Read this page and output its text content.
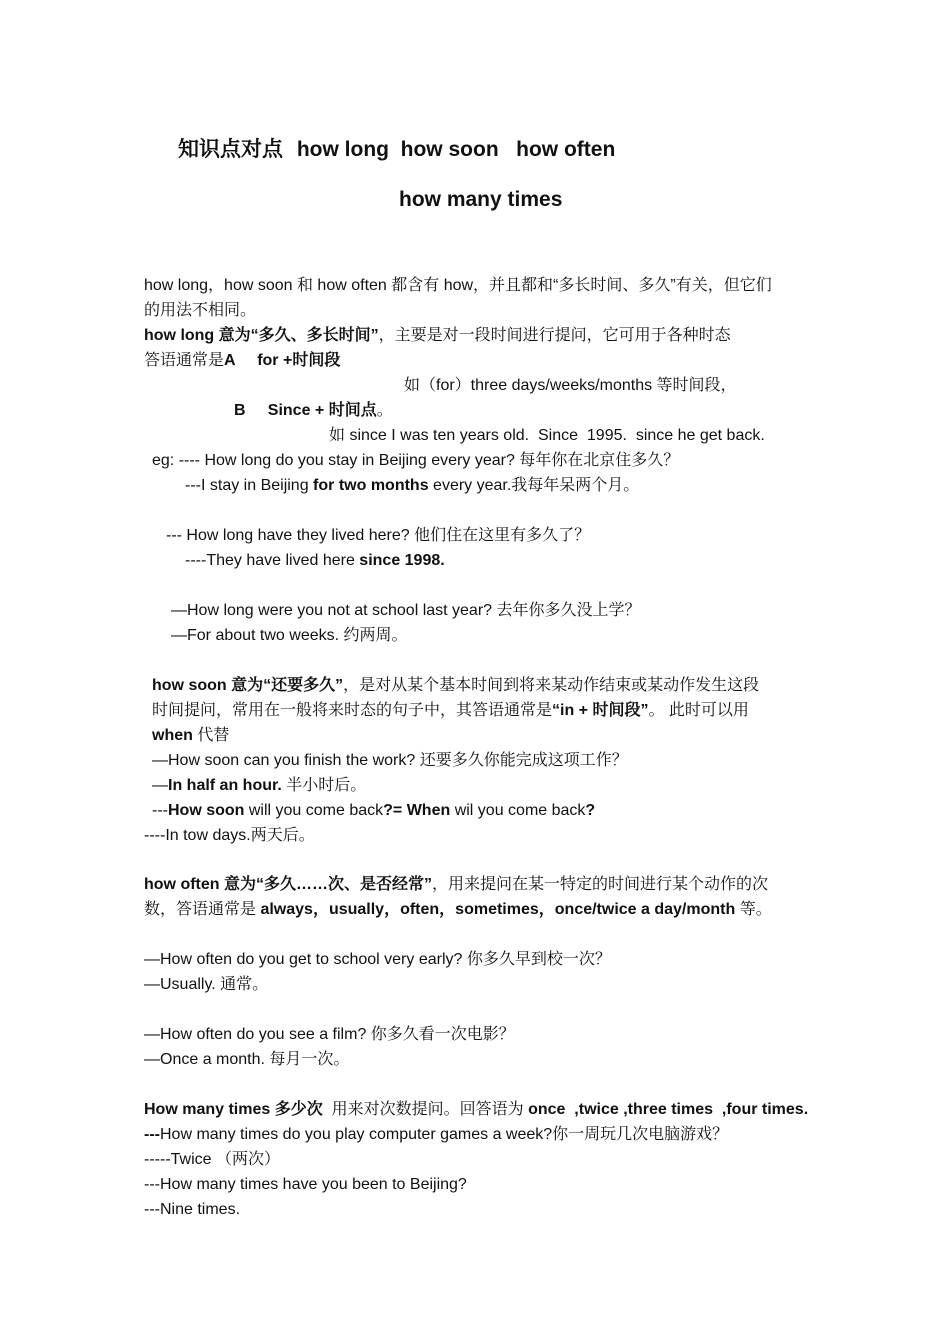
知识点对点 how long  how soon   how often
how many times
how long，how soon 和 how often 都含有 how，并且都和“多长时间、多久”有关，但它们
的用法不相同。
how long 意为“多久、多长时间”，主要是对一段时间进行提问，它可用于各种时态
答语通常是A     for +时间段
如（for）three days/weeks/months 等时间段，
B     Since + 时间点。
如 since I was ten years old.  Since  1995.  since he get back.
eg: ---- How long do you stay in Beijing every year? 每年你在北京住多久？
---I stay in Beijing for two months every year.我每年呆两个月。
--- How long have they lived here? 他们住在这里有多久了？
----They have lived here since 1998.
—How long were you not at school last year? 去年你多久没上学？
—For about two weeks. 约两周。
how soon 意为“还要多久”，是对从某个基本时间到将来某动作结束或某动作发生这段
时间提问，常用在一般将来时态的句子中，其答语通常是“in + 时间段”。 此时可以用
when 代替
—How soon can you finish the work? 还要多久你能完成这项工作？
—In half an hour. 半小时后。
---How soon will you come back?= When wil you come back?
----In tow days.两天后。
how often 意为“多久……次、是否经常”，用来提问在某一特定的时间进行某个动作的次
数，答语通常是 always，usually，often，sometimes，once/twice a day/month 等。
—How often do you get to school very early? 你多久早到校一次？
—Usually. 通常。
—How often do you see a film? 你多久看一次电影？
—Once a month. 每月一次。
How many times 多少次  用来对次数提问。回答语为 once  ,twice ,three times  ,four times.
---How many times do you play computer games a week?你一周玩几次电脑游戏？
-----Twice （两次）
---How many times have you been to Beijing?
---Nine times.
